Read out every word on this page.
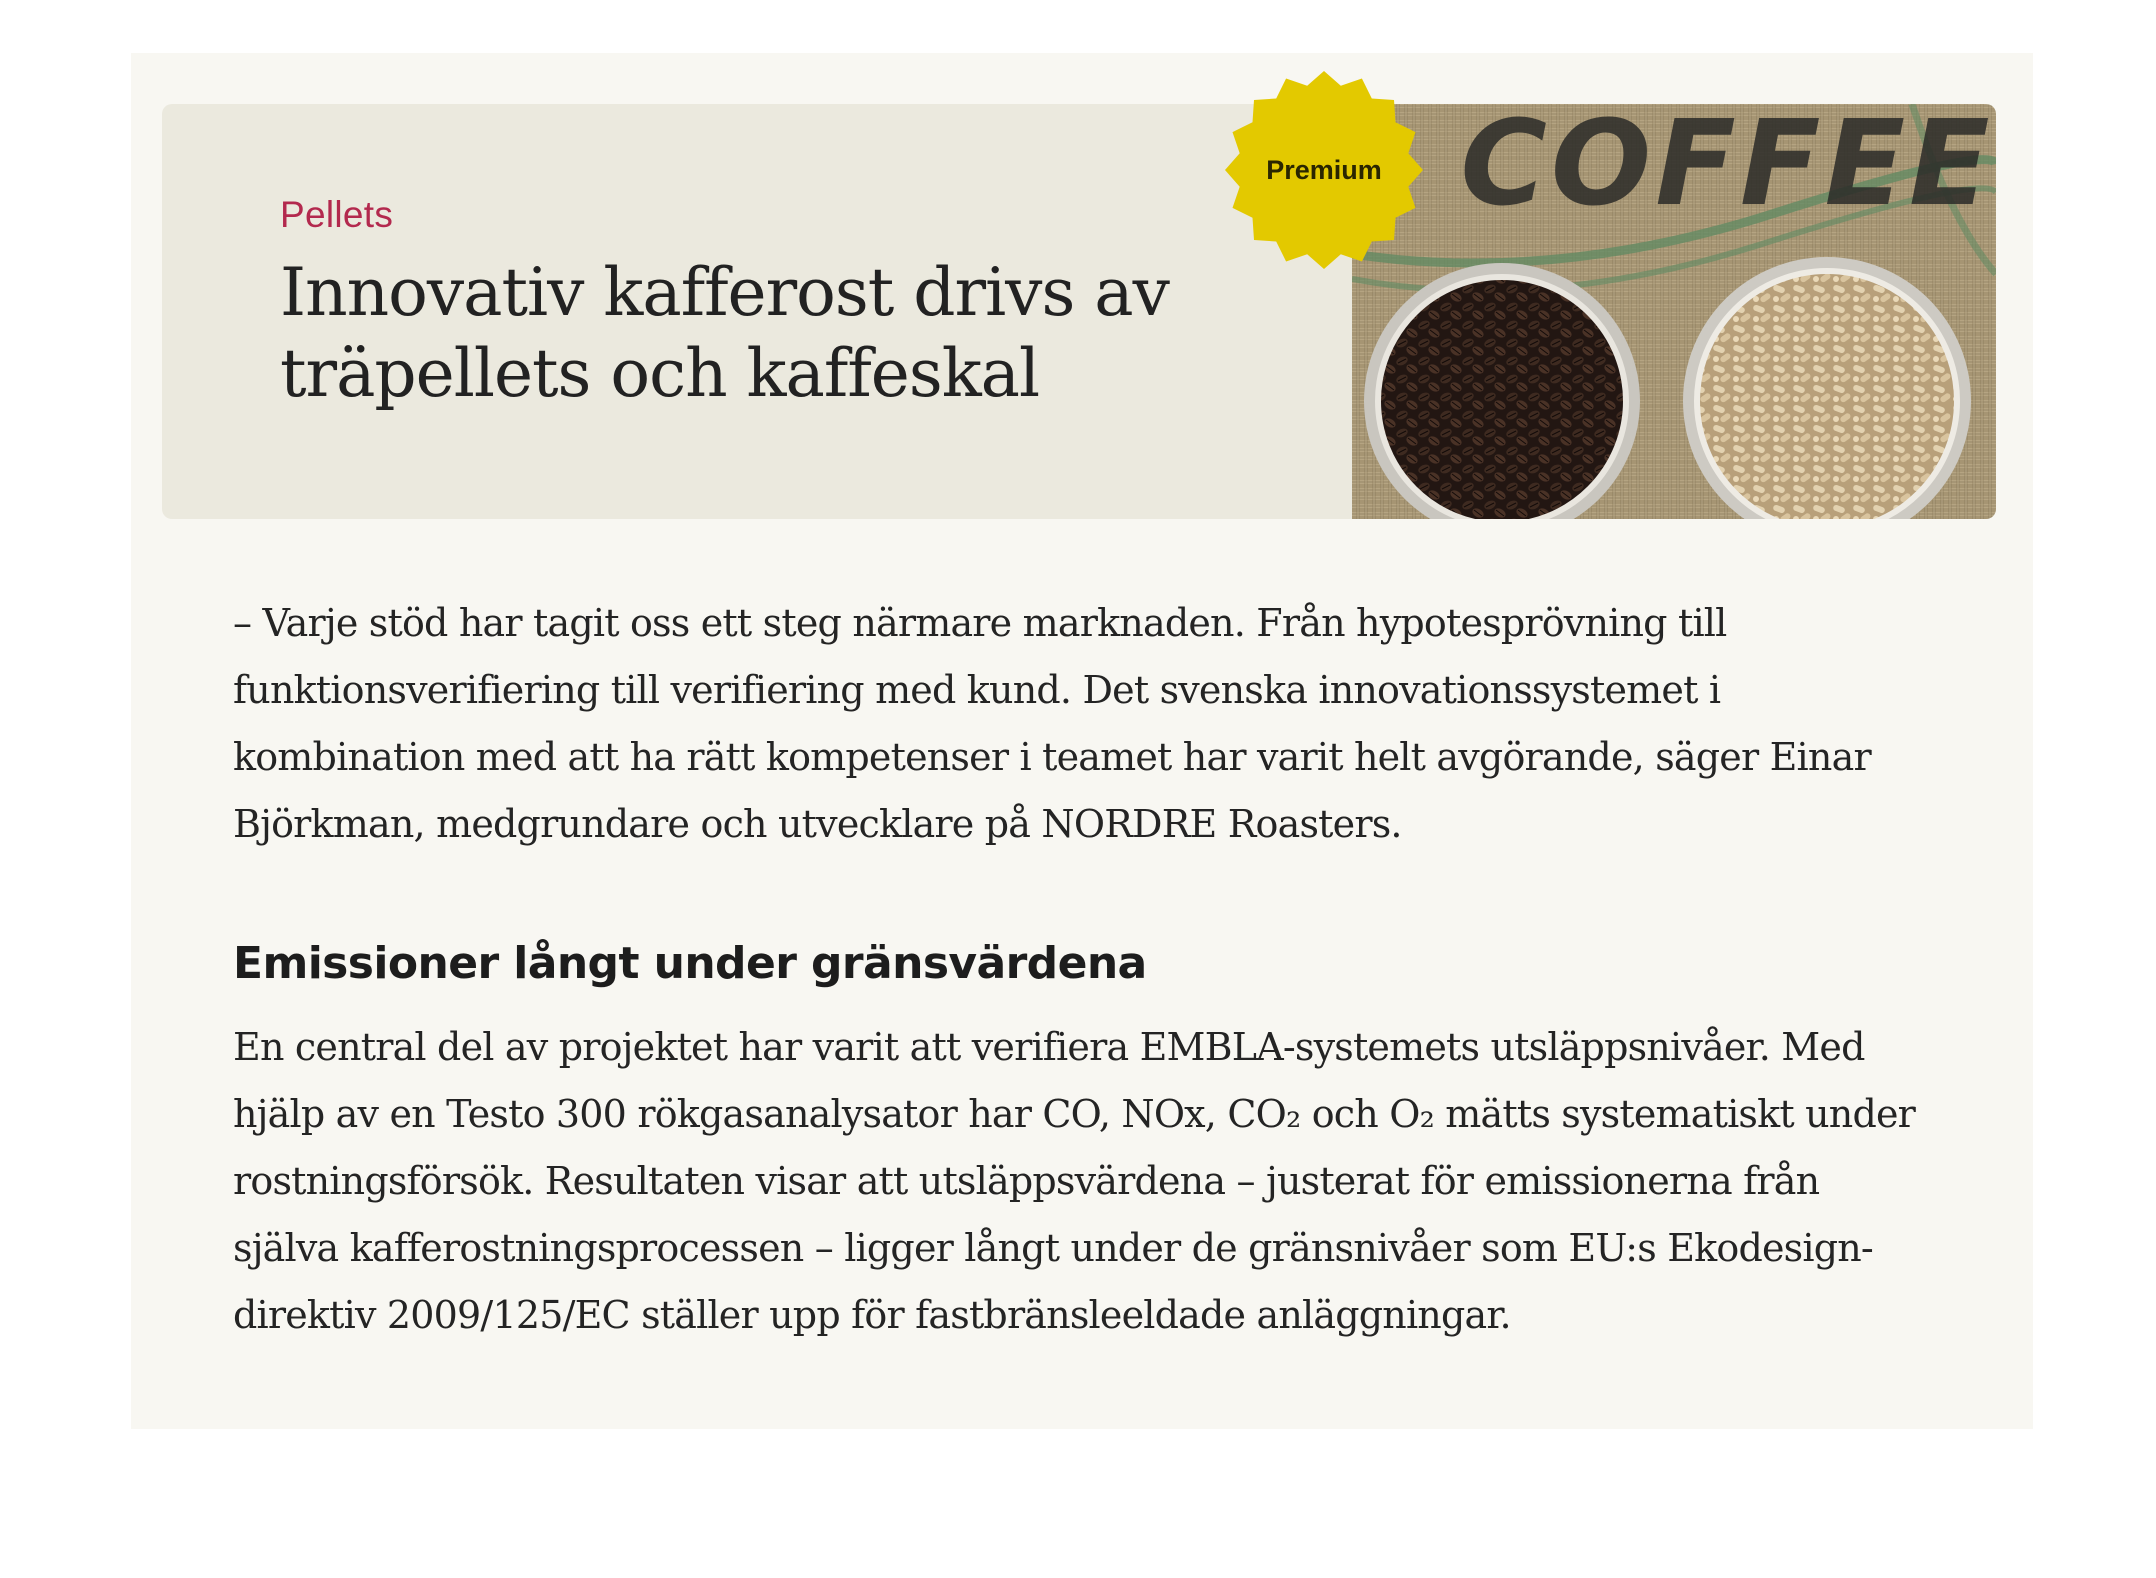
Pellets

Innovativ kafferost drivs av träpellets och kaffeskal
COFFEE
Premium

– Varje stöd har tagit oss ett steg närmare marknaden. Från hypotesprövning till funktionsverifiering till verifiering med kund. Det svenska innovationssystemet i kombination med att ha rätt kompetenser i teamet har varit helt avgörande, säger Einar Björkman, medgrundare och utvecklare på NORDRE Roasters.

Emissioner långt under gränsvärdena

En central del av projektet har varit att verifiera EMBLA-systemets utsläppsnivåer. Med hjälp av en Testo 300 rökgasanalysator har CO, NOx, CO₂ och O₂ mätts systematiskt under rostningsförsök. Resultaten visar att utsläppsvärdena – justerat för emissionerna från själva kafferostningsprocessen – ligger långt under de gränsnivåer som EU:s Ekodesign-direktiv 2009/125/EC ställer upp för fastbränsleeldade anläggningar.
